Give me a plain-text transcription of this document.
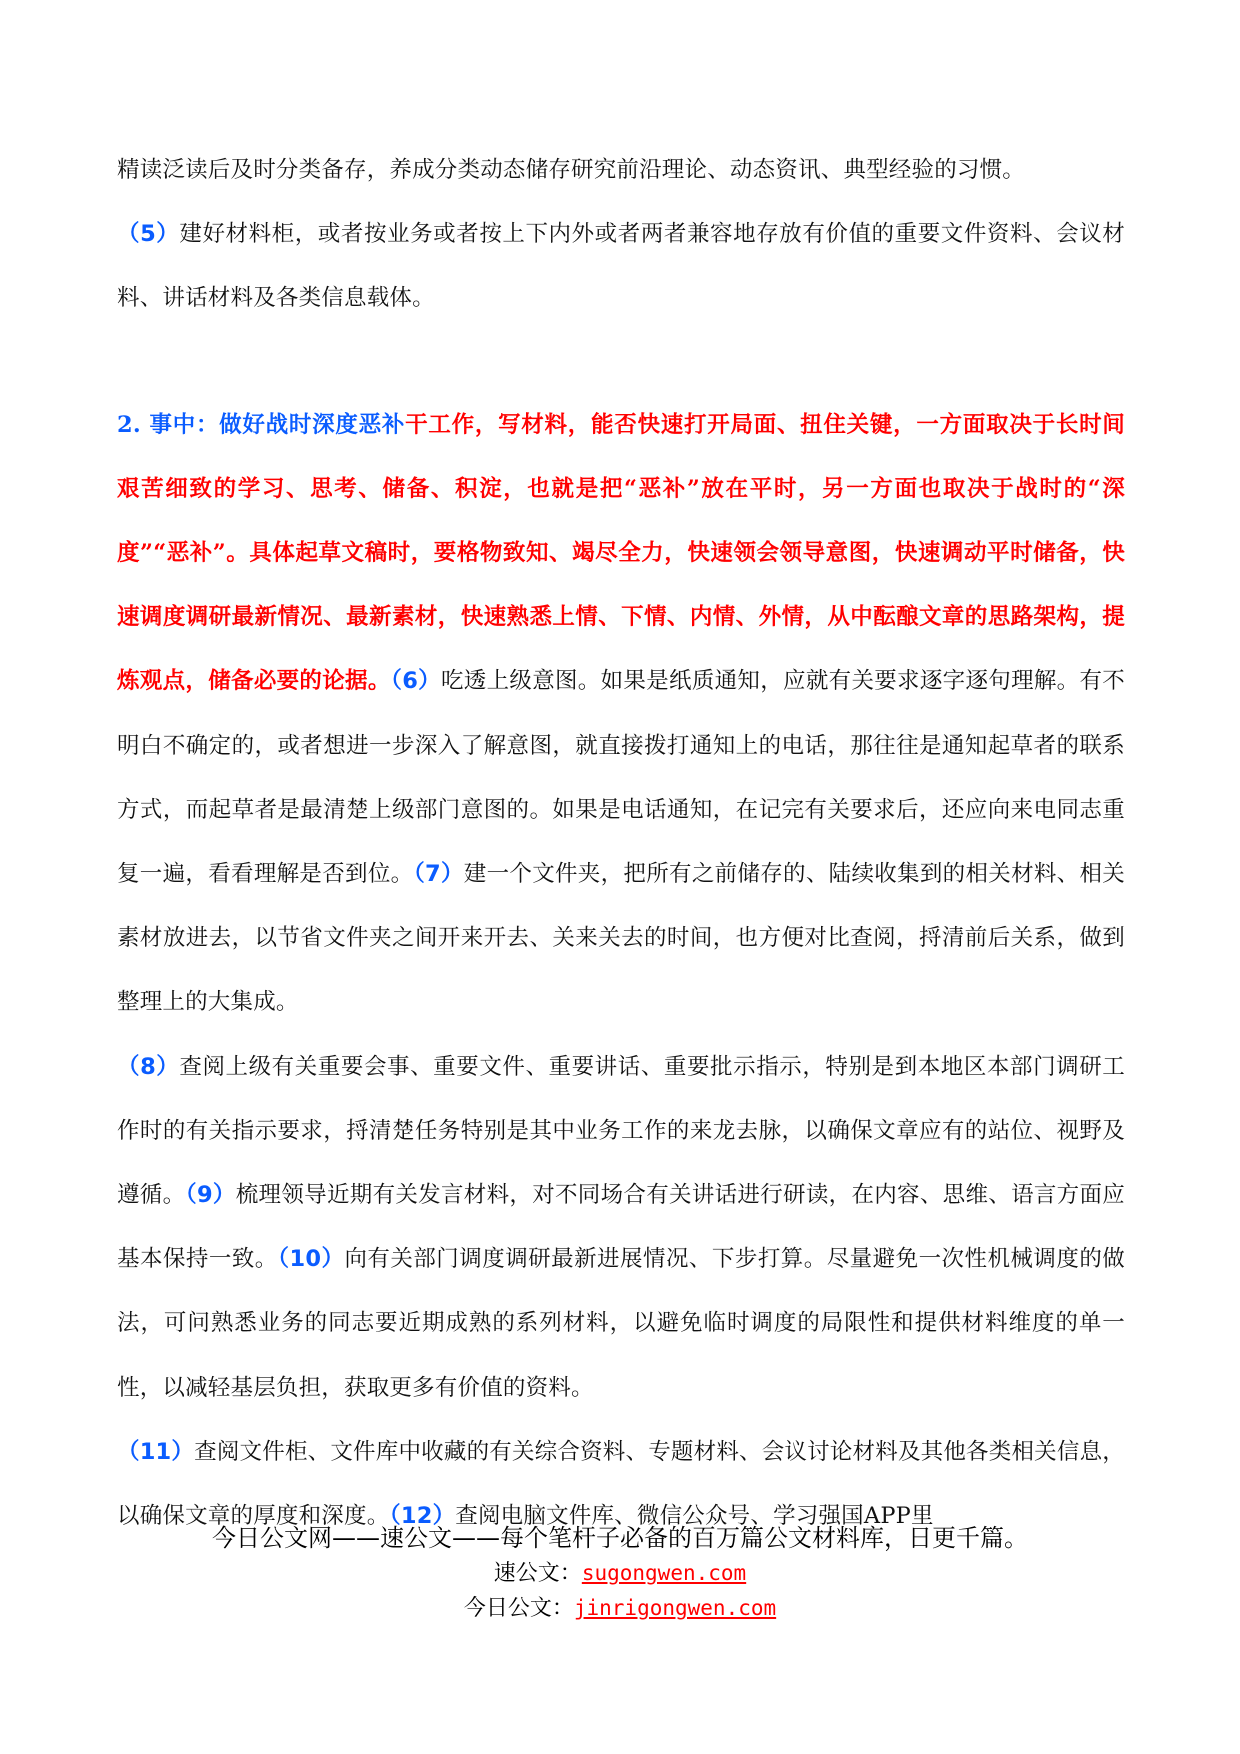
精读泛读后及时分类备存，养成分类动态储存研究前沿理论、动态资讯、典型经验的习惯。

（5）建好材料柜，或者按业务或者按上下内外或者两者兼容地存放有价值的重要文件资料、会议材料、讲话材料及各类信息载体。

2. 事中：做好战时深度恶补干工作，写材料，能否快速打开局面、扭住关键，一方面取决于长时间艰苦细致的学习、思考、储备、积淀，也就是把“恶补”放在平时，另一方面也取决于战时的“深度”“恶补”。具体起草文稿时，要格物致知、竭尽全力，快速领会领导意图，快速调动平时储备，快速调度调研最新情况、最新素材，快速熟悉上情、下情、内情、外情，从中酝酿文章的思路架构，提炼观点，储备必要的论据。（6）吃透上级意图。如果是纸质通知，应就有关要求逐字逐句理解。有不明白不确定的，或者想进一步深入了解意图，就直接拨打通知上的电话，那往往是通知起草者的联系方式，而起草者是最清楚上级部门意图的。如果是电话通知，在记完有关要求后，还应向来电同志重复一遍，看看理解是否到位。（7）建一个文件夹，把所有之前储存的、陆续收集到的相关材料、相关素材放进去，以节省文件夹之间开来开去、关来关去的时间，也方便对比查阅，捋清前后关系，做到整理上的大集成。

（8）查阅上级有关重要会事、重要文件、重要讲话、重要批示指示，特别是到本地区本部门调研工作时的有关指示要求，捋清楚任务特别是其中业务工作的来龙去脉，以确保文章应有的站位、视野及遵循。（9）梳理领导近期有关发言材料，对不同场合有关讲话进行研读，在内容、思维、语言方面应基本保持一致。（10）向有关部门调度调研最新进展情况、下步打算。尽量避免一次性机械调度的做法，可问熟悉业务的同志要近期成熟的系列材料，以避免临时调度的局限性和提供材料维度的单一性，以减轻基层负担，获取更多有价值的资料。

（11）查阅文件柜、文件库中收藏的有关综合资料、专题材料、会议讨论材料及其他各类相关信息，以确保文章的厚度和深度。（12）查阅电脑文件库、微信公众号、学习强国APP里

今日公文网——速公文——每个笔杆子必备的百万篇公文材料库，日更千篇。
速公文：sugongwen.com
今日公文：jinrigongwen.com
